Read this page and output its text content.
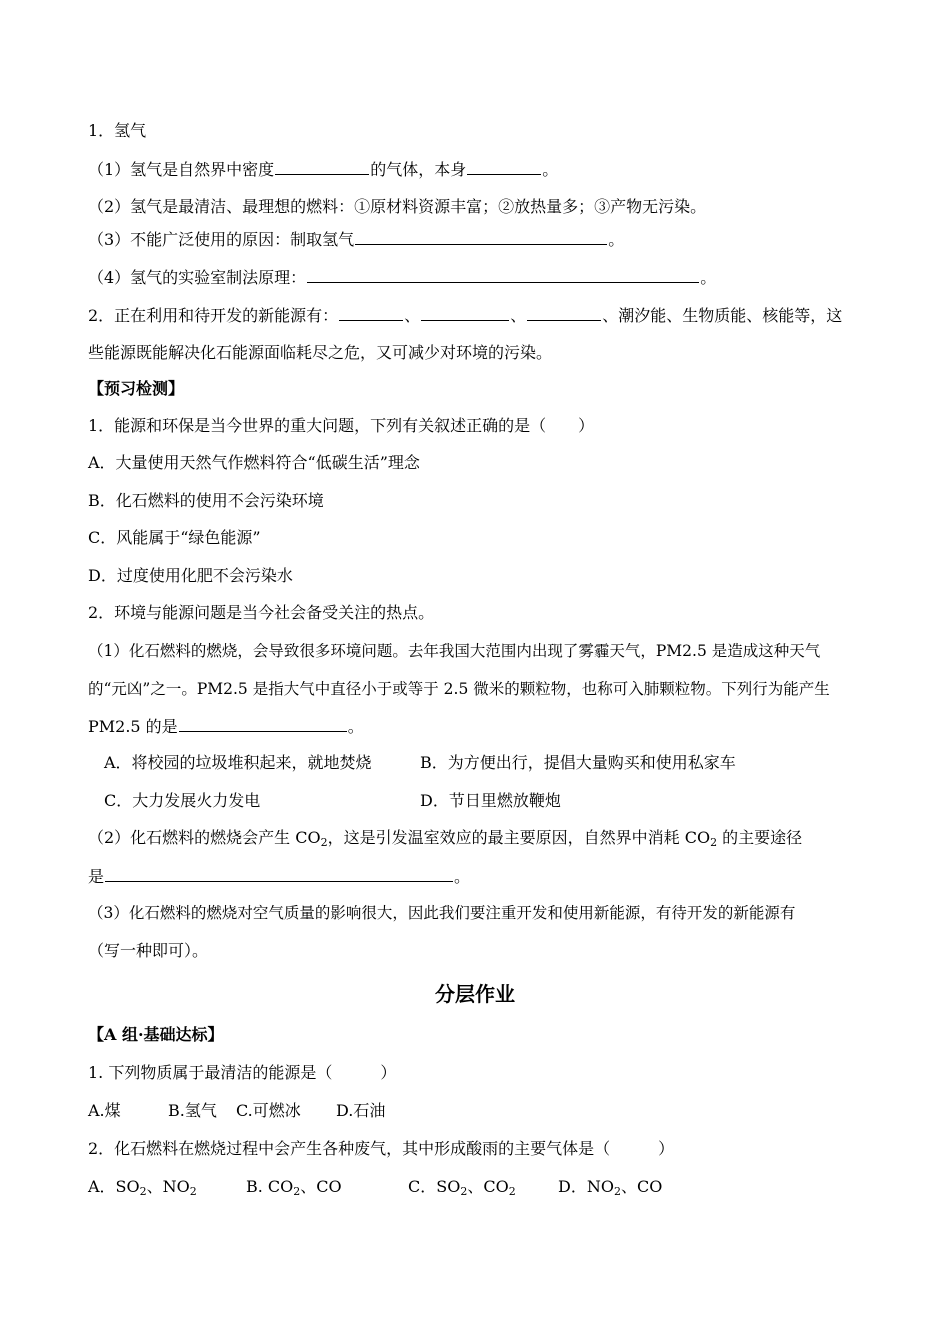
1．氢气
（1）氢气是自然界中密度	的气体，本身	。
（2）氢气是最清洁、最理想的燃料：①原材料资源丰富；②放热量多；③产物无污染。
（3）不能广泛使用的原因：制取氢气	。
（4）氢气的实验室制法原理：	。
2．正在利用和待开发的新能源有：	、	、	、潮汐能、生物质能、核能等，这
些能源既能解决化石能源面临耗尽之危，又可减少对环境的污染。
【预习检测】
1．能源和环保是当今世界的重大问题，下列有关叙述正确的是（　　）
A．大量使用天然气作燃料符合“低碳生活”理念
B．化石燃料的使用不会污染环境
C．风能属于“绿色能源”
D．过度使用化肥不会污染水
2．环境与能源问题是当今社会备受关注的热点。
（1）化石燃料的燃烧，会导致很多环境问题。去年我国大范围内出现了雾霾天气，PM2.5 是造成这种天气
的“元凶”之一。PM2.5 是指大气中直径小于或等于 2.5 微米的颗粒物，也称可入肺颗粒物。下列行为能产生
PM2.5 的是	。
A．将校园的垃圾堆积起来，就地焚烧	B．为方便出行，提倡大量购买和使用私家车
C．大力发展火力发电	D．节日里燃放鞭炮
（2）化石燃料的燃烧会产生 $CO_2$，这是引发温室效应的最主要原因，自然界中消耗 $CO_2$ 的主要途径
是	。
（3）化石燃料的燃烧对空气质量的影响很大，因此我们要注重开发和使用新能源，有待开发的新能源有
（写一种即可）。
分层作业
【A 组·基础达标】
1. 下列物质属于最清洁的能源是（　　　）
A.煤	B.氢气 C.可燃冰 D.石油
2．化石燃料在燃烧过程中会产生各种废气，其中形成酸雨的主要气体是（　　　）
A．$SO_2$、$NO_2$	B. $CO_2$、CO	C．$SO_2$、$CO_2$	D．$NO_2$、CO
